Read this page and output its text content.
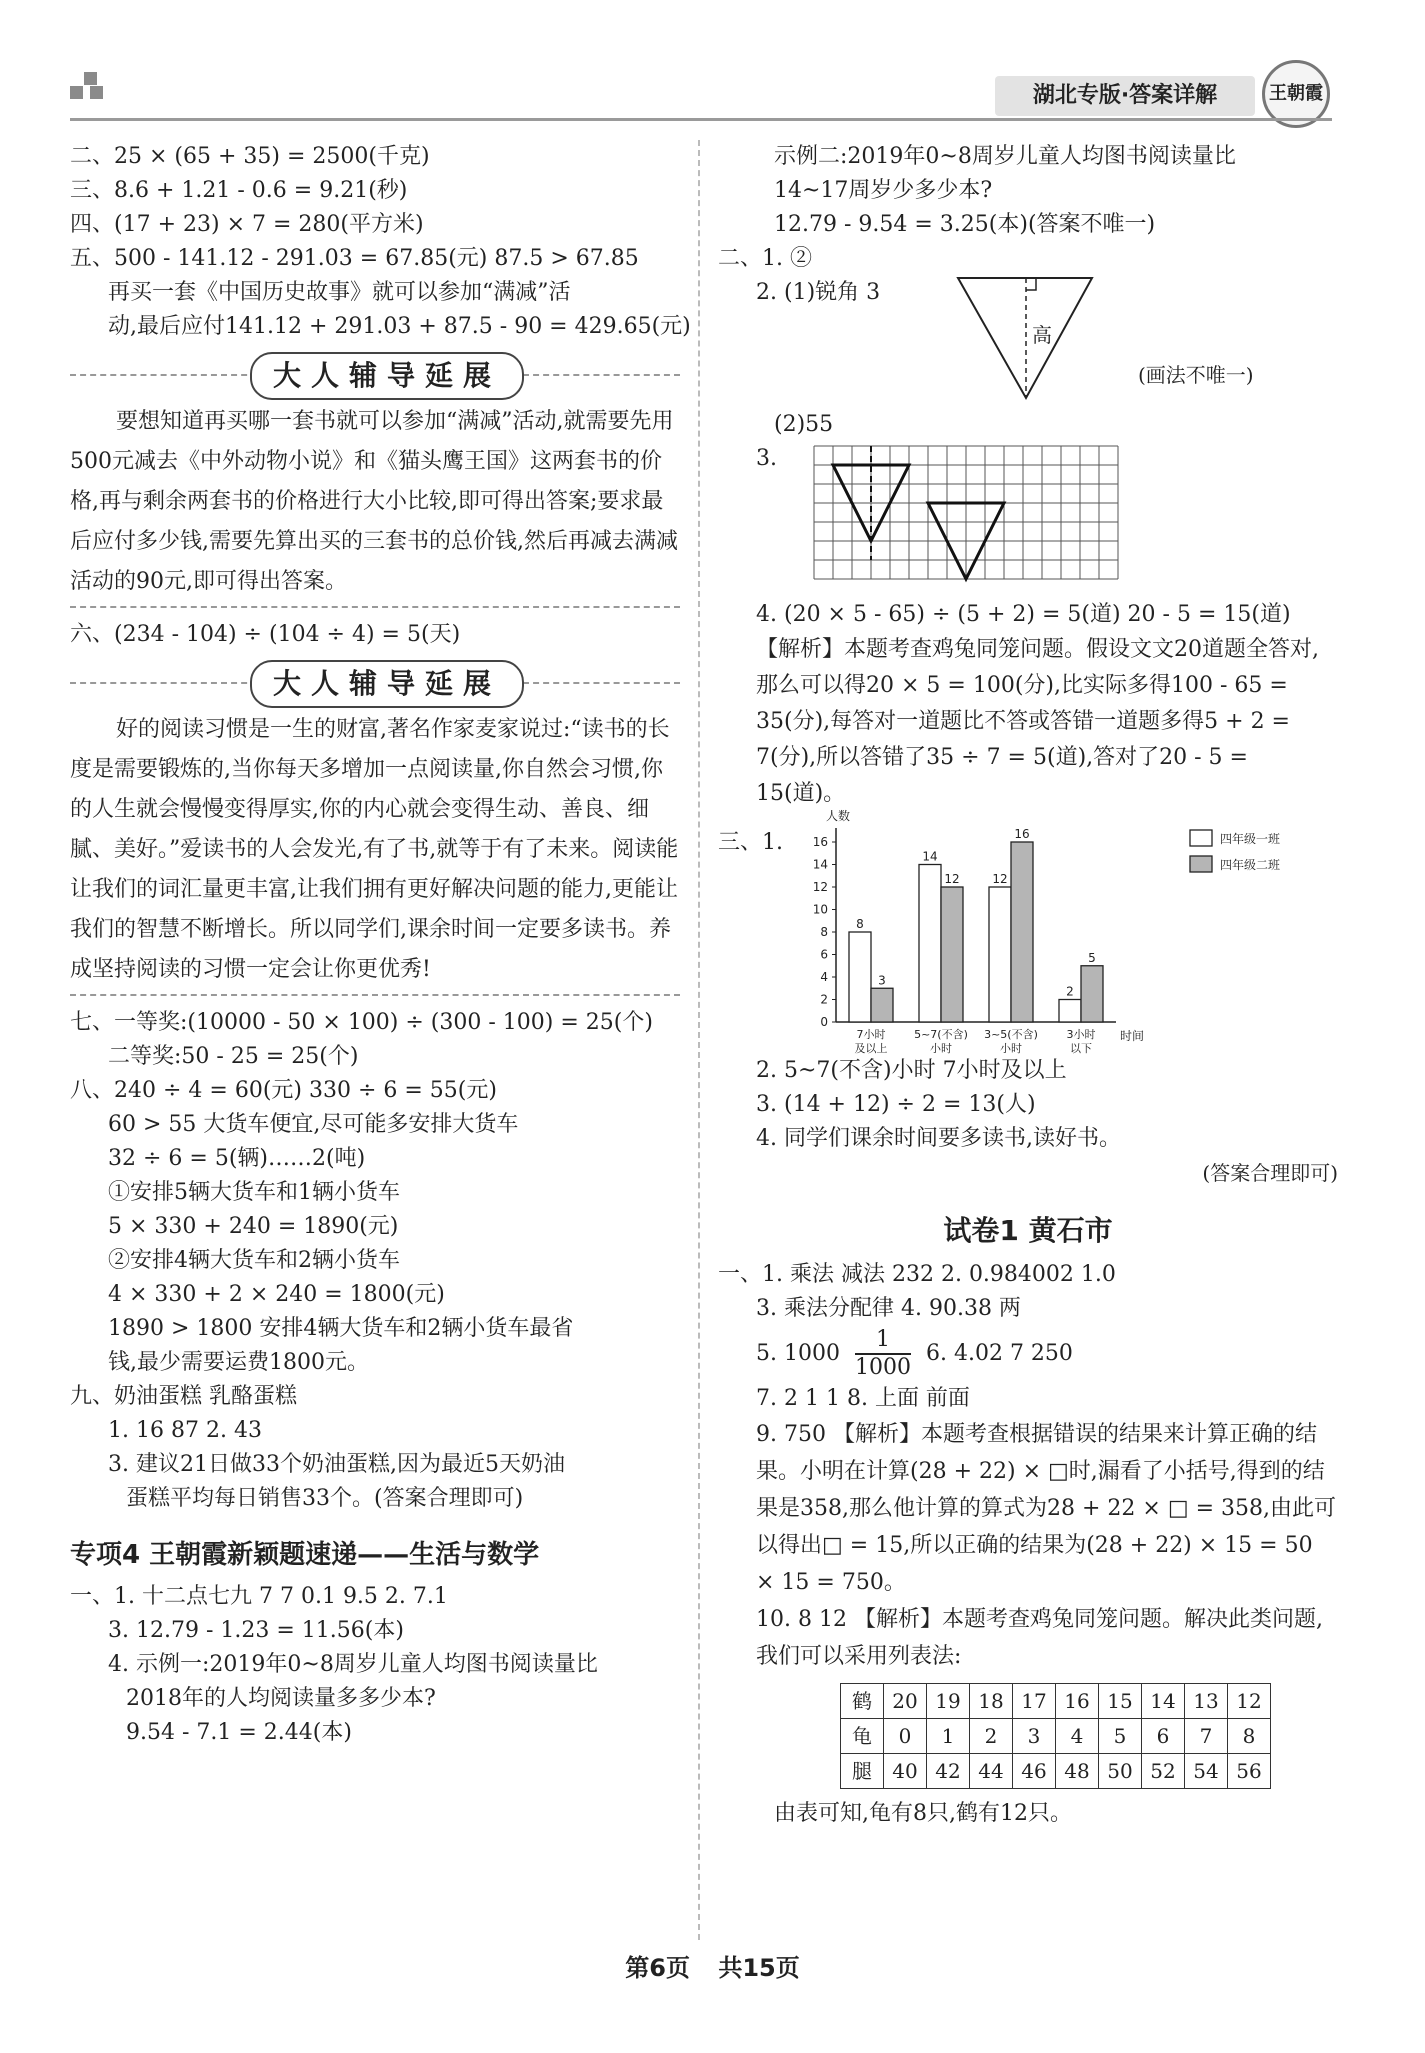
湖北专版·答案详解	王朝霞

二、25 × (65 + 35) = 2500(千克)

三、8.6 + 1.21 - 0.6 = 9.21(秒)

四、(17 + 23) × 7 = 280(平方米)

五、500 - 141.12 - 291.03 = 67.85(元) 87.5 > 67.85

再买一套《中国历史故事》就可以参加“满减”活

动,最后应付141.12 + 291.03 + 87.5 - 90 = 429.65(元)

大人辅导延展

要想知道再买哪一套书就可以参加“满减”活动,就需要先用500元减去《中外动物小说》和《猫头鹰王国》这两套书的价格,再与剩余两套书的价格进行大小比较,即可得出答案;要求最后应付多少钱,需要先算出买的三套书的总价钱,然后再减去满减活动的90元,即可得出答案。

六、(234 - 104) ÷ (104 ÷ 4) = 5(天)

大人辅导延展

好的阅读习惯是一生的财富,著名作家麦家说过:“读书的长度是需要锻炼的,当你每天多增加一点阅读量,你自然会习惯,你的人生就会慢慢变得厚实,你的内心就会变得生动、善良、细腻、美好。”爱读书的人会发光,有了书,就等于有了未来。阅读能让我们的词汇量更丰富,让我们拥有更好解决问题的能力,更能让我们的智慧不断增长。所以同学们,课余时间一定要多读书。养成坚持阅读的习惯一定会让你更优秀!

七、一等奖:(10000 - 50 × 100) ÷ (300 - 100) = 25(个)

二等奖:50 - 25 = 25(个)

八、240 ÷ 4 = 60(元) 330 ÷ 6 = 55(元)

60 > 55 大货车便宜,尽可能多安排大货车

32 ÷ 6 = 5(辆)……2(吨)

①安排5辆大货车和1辆小货车

5 × 330 + 240 = 1890(元)

②安排4辆大货车和2辆小货车

4 × 330 + 2 × 240 = 1800(元)

1890 > 1800 安排4辆大货车和2辆小货车最省

钱,最少需要运费1800元。

九、奶油蛋糕 乳酪蛋糕

1. 16 87 2. 43

3. 建议21日做33个奶油蛋糕,因为最近5天奶油

蛋糕平均每日销售33个。(答案合理即可)

专项4 王朝霞新颖题速递——生活与数学

一、1. 十二点七九 7 7 0.1 9.5 2. 7.1

3. 12.79 - 1.23 = 11.56(本)

4. 示例一:2019年0~8周岁儿童人均图书阅读量比

2018年的人均阅读量多多少本?

9.54 - 7.1 = 2.44(本)

示例二:2019年0~8周岁儿童人均图书阅读量比

14~17周岁少多少本?

12.79 - 9.54 = 3.25(本)(答案不唯一)

二、1. ②

2. (1)锐角 3

高
(画法不唯一)

(2)55

3.

4. (20 × 5 - 65) ÷ (5 + 2) = 5(道) 20 - 5 = 15(道)

【解析】本题考查鸡兔同笼问题。假设文文20道题全答对,那么可以得20 × 5 = 100(分),比实际多得100 - 65 = 35(分),每答对一道题比不答或答错一道题多得5 + 2 = 7(分),所以答错了35 ÷ 7 = 5(道),答对了20 - 5 = 15(道)。

三、1.

人数
时间
0
2
4
6
8
10
12
14
16
8
3
7小时
及以上
14
12
5~7(不含)
小时
12
16
3~5(不含)
小时
2
5
3小时
以下
四年级一班
四年级二班

2. 5~7(不含)小时 7小时及以上

3. (14 + 12) ÷ 2 = 13(人)

4. 同学们课余时间要多读书,读好书。

(答案合理即可)

试卷1 黄石市

一、1. 乘法 减法 232 2. 0.984002 1.0

3. 乘法分配律 4. 90.38 两

5. $1000 \frac{1}{1000} 6$. 4.02 7 250

7. 2 1 1 8. 上面 前面

9. 750 【解析】本题考查根据错误的结果来计算正确的结果。小明在计算(28 + 22) × □时,漏看了小括号,得到的结果是358,那么他计算的算式为28 + 22 × □ = 358,由此可以得出□ = 15,所以正确的结果为(28 + 22) × 15 = 50 × 15 = 750。

10. 8 12 【解析】本题考查鸡兔同笼问题。解决此类问题,我们可以采用列表法:

鹤	20	19	18	17	16	15	14	13	12
龟	0	1	2	3	4	5	6	7	8
腿	40	42	44	46	48	50	52	54	56

由表可知,龟有8只,鹤有12只。

第6页 共15页
